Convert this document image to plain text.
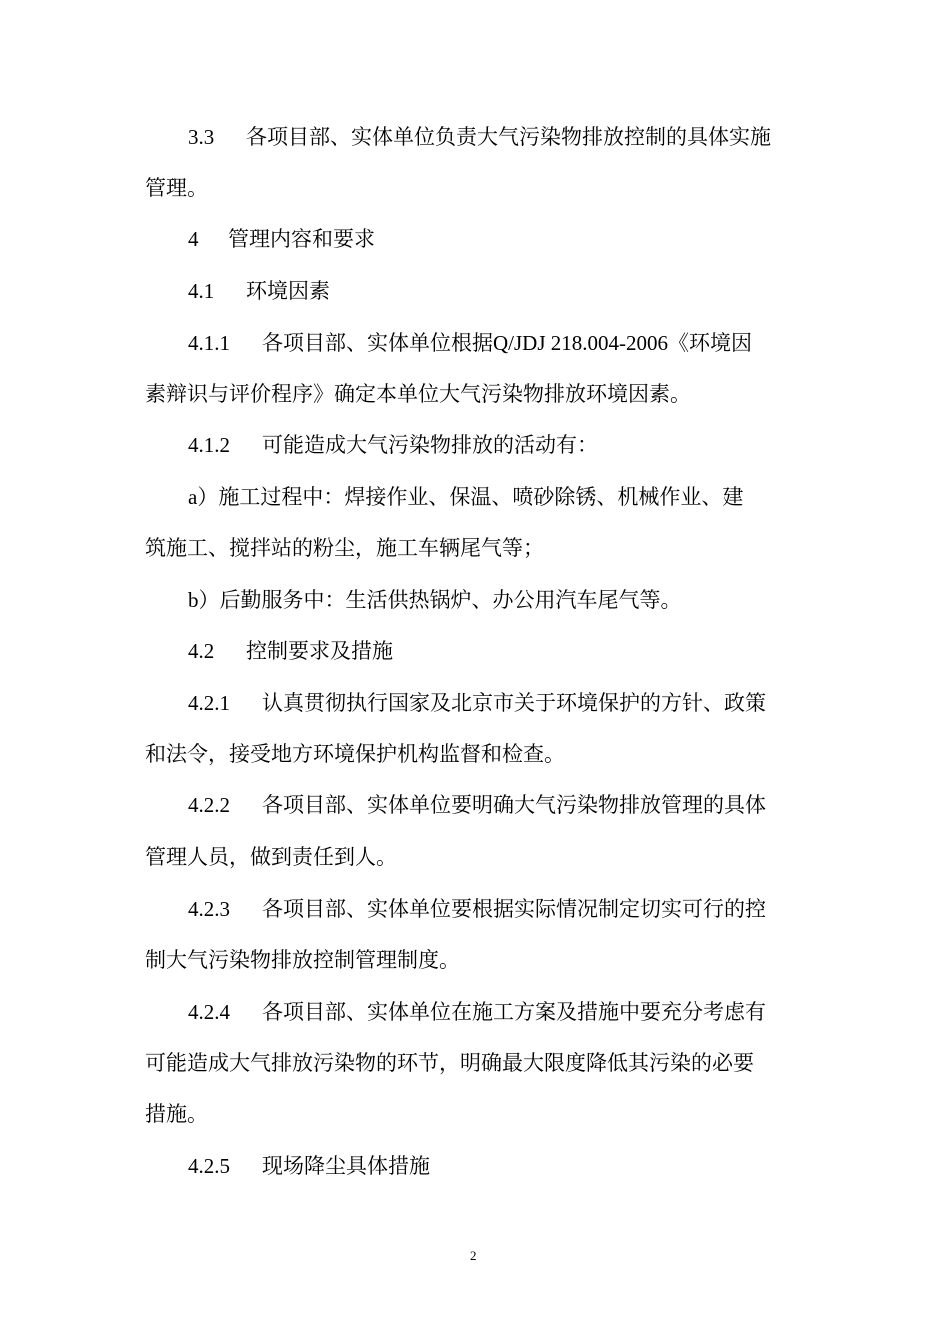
3.3 各项目部、实体单位负责大气污染物排放控制的具体实施
管理。
4 管理内容和要求
4.1 环境因素
4.1.1 各项目部、实体单位根据Q/JDJ 218.004-2006《环境因
素辩识与评价程序》确定本单位大气污染物排放环境因素。
4.1.2 可能造成大气污染物排放的活动有：
a）施工过程中：焊接作业、保温、喷砂除锈、机械作业、建
筑施工、搅拌站的粉尘，施工车辆尾气等；
b）后勤服务中：生活供热锅炉、办公用汽车尾气等。
4.2 控制要求及措施
4.2.1 认真贯彻执行国家及北京市关于环境保护的方针、政策
和法令，接受地方环境保护机构监督和检查。
4.2.2 各项目部、实体单位要明确大气污染物排放管理的具体
管理人员，做到责任到人。
4.2.3 各项目部、实体单位要根据实际情况制定切实可行的控
制大气污染物排放控制管理制度。
4.2.4 各项目部、实体单位在施工方案及措施中要充分考虑有
可能造成大气排放污染物的环节，明确最大限度降低其污染的必要
措施。
4.2.5 现场降尘具体措施
2
